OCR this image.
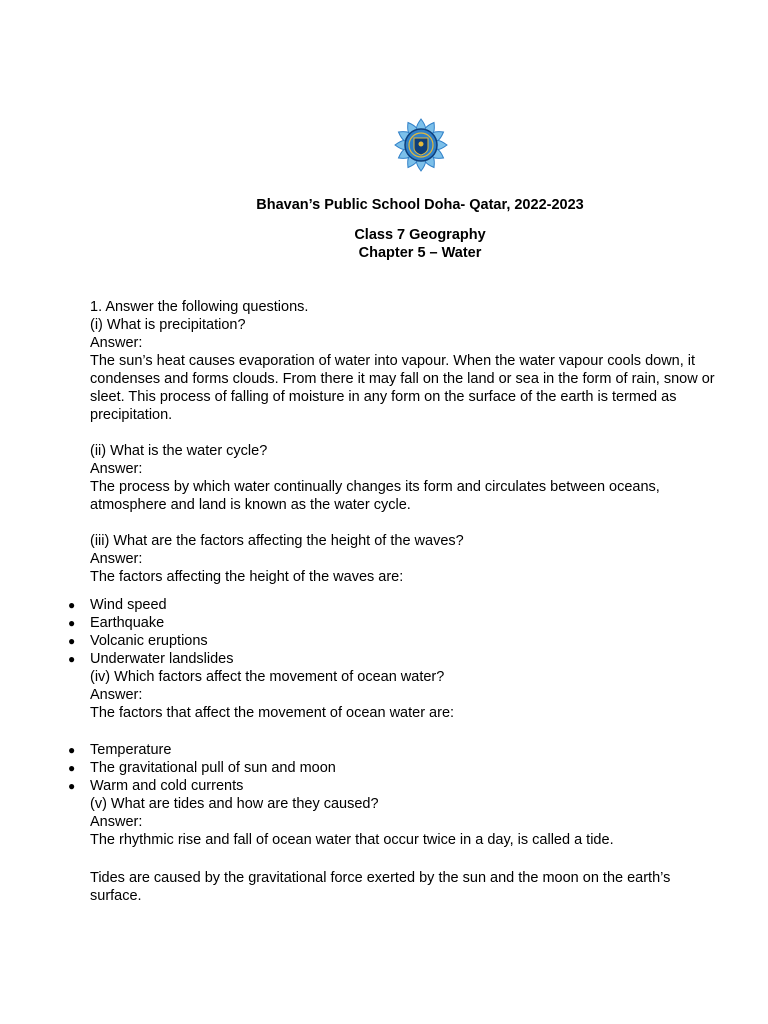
Bhavan’s Public School Doha- Qatar, 2022-2023
Class 7 Geography
Chapter 5 – Water
1. Answer the following questions.
(i) What is precipitation?
Answer:
The sun’s heat causes evaporation of water into vapour. When the water vapour cools down, it
condenses and forms clouds. From there it may fall on the land or sea in the form of rain, snow or
sleet. This process of falling of moisture in any form on the surface of the earth is termed as
precipitation.
(ii) What is the water cycle?
Answer:
The process by which water continually changes its form and circulates between oceans,
atmosphere and land is known as the water cycle.
(iii) What are the factors affecting the height of the waves?
Answer:
The factors affecting the height of the waves are:
● Wind speed
● Earthquake
● Volcanic eruptions
● Underwater landslides
(iv) Which factors affect the movement of ocean water?
Answer:
The factors that affect the movement of ocean water are:
● Temperature
● The gravitational pull of sun and moon
● Warm and cold currents
(v) What are tides and how are they caused?
Answer:
The rhythmic rise and fall of ocean water that occur twice in a day, is called a tide.
Tides are caused by the gravitational force exerted by the sun and the moon on the earth’s
surface.
